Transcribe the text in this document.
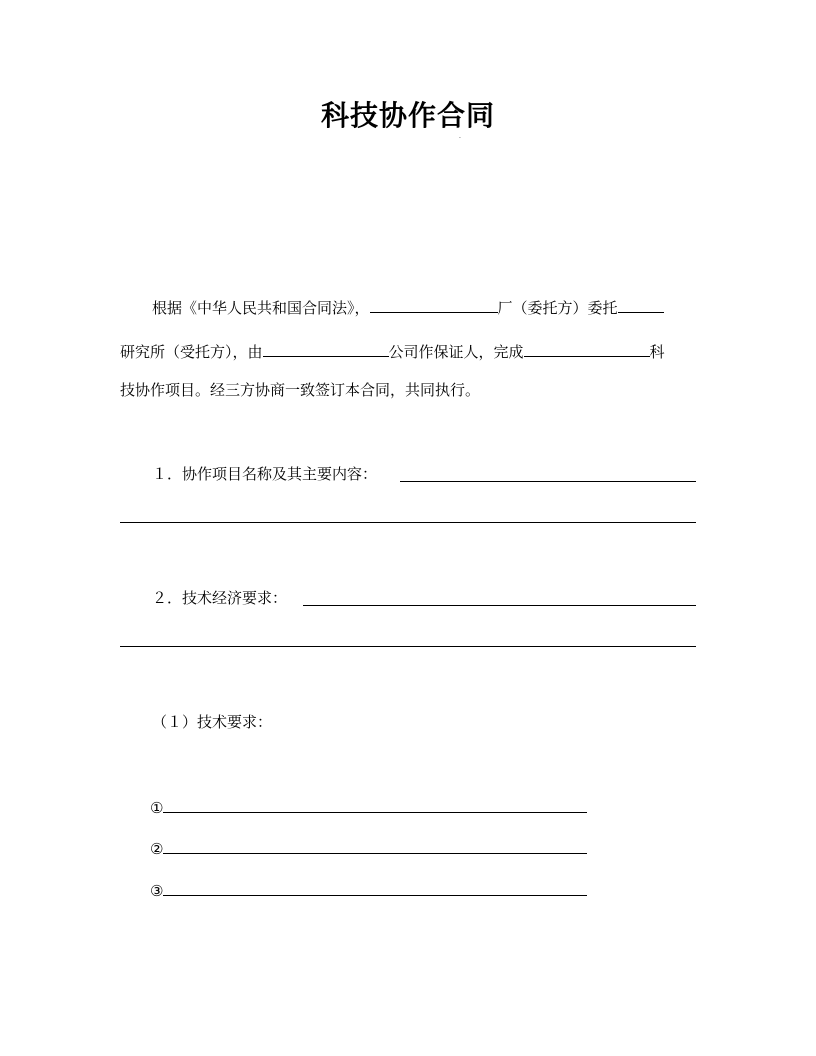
科技协作合同
·
根据《中华人民共和国合同法》，	厂（委托方）委托
研究所（受托方），由	公司作保证人，完成	科
技协作项目。经三方协商一致签订本合同，共同执行。
１．协作项目名称及其主要内容：
２．技术经济要求：
（１）技术要求：
①
②
③
